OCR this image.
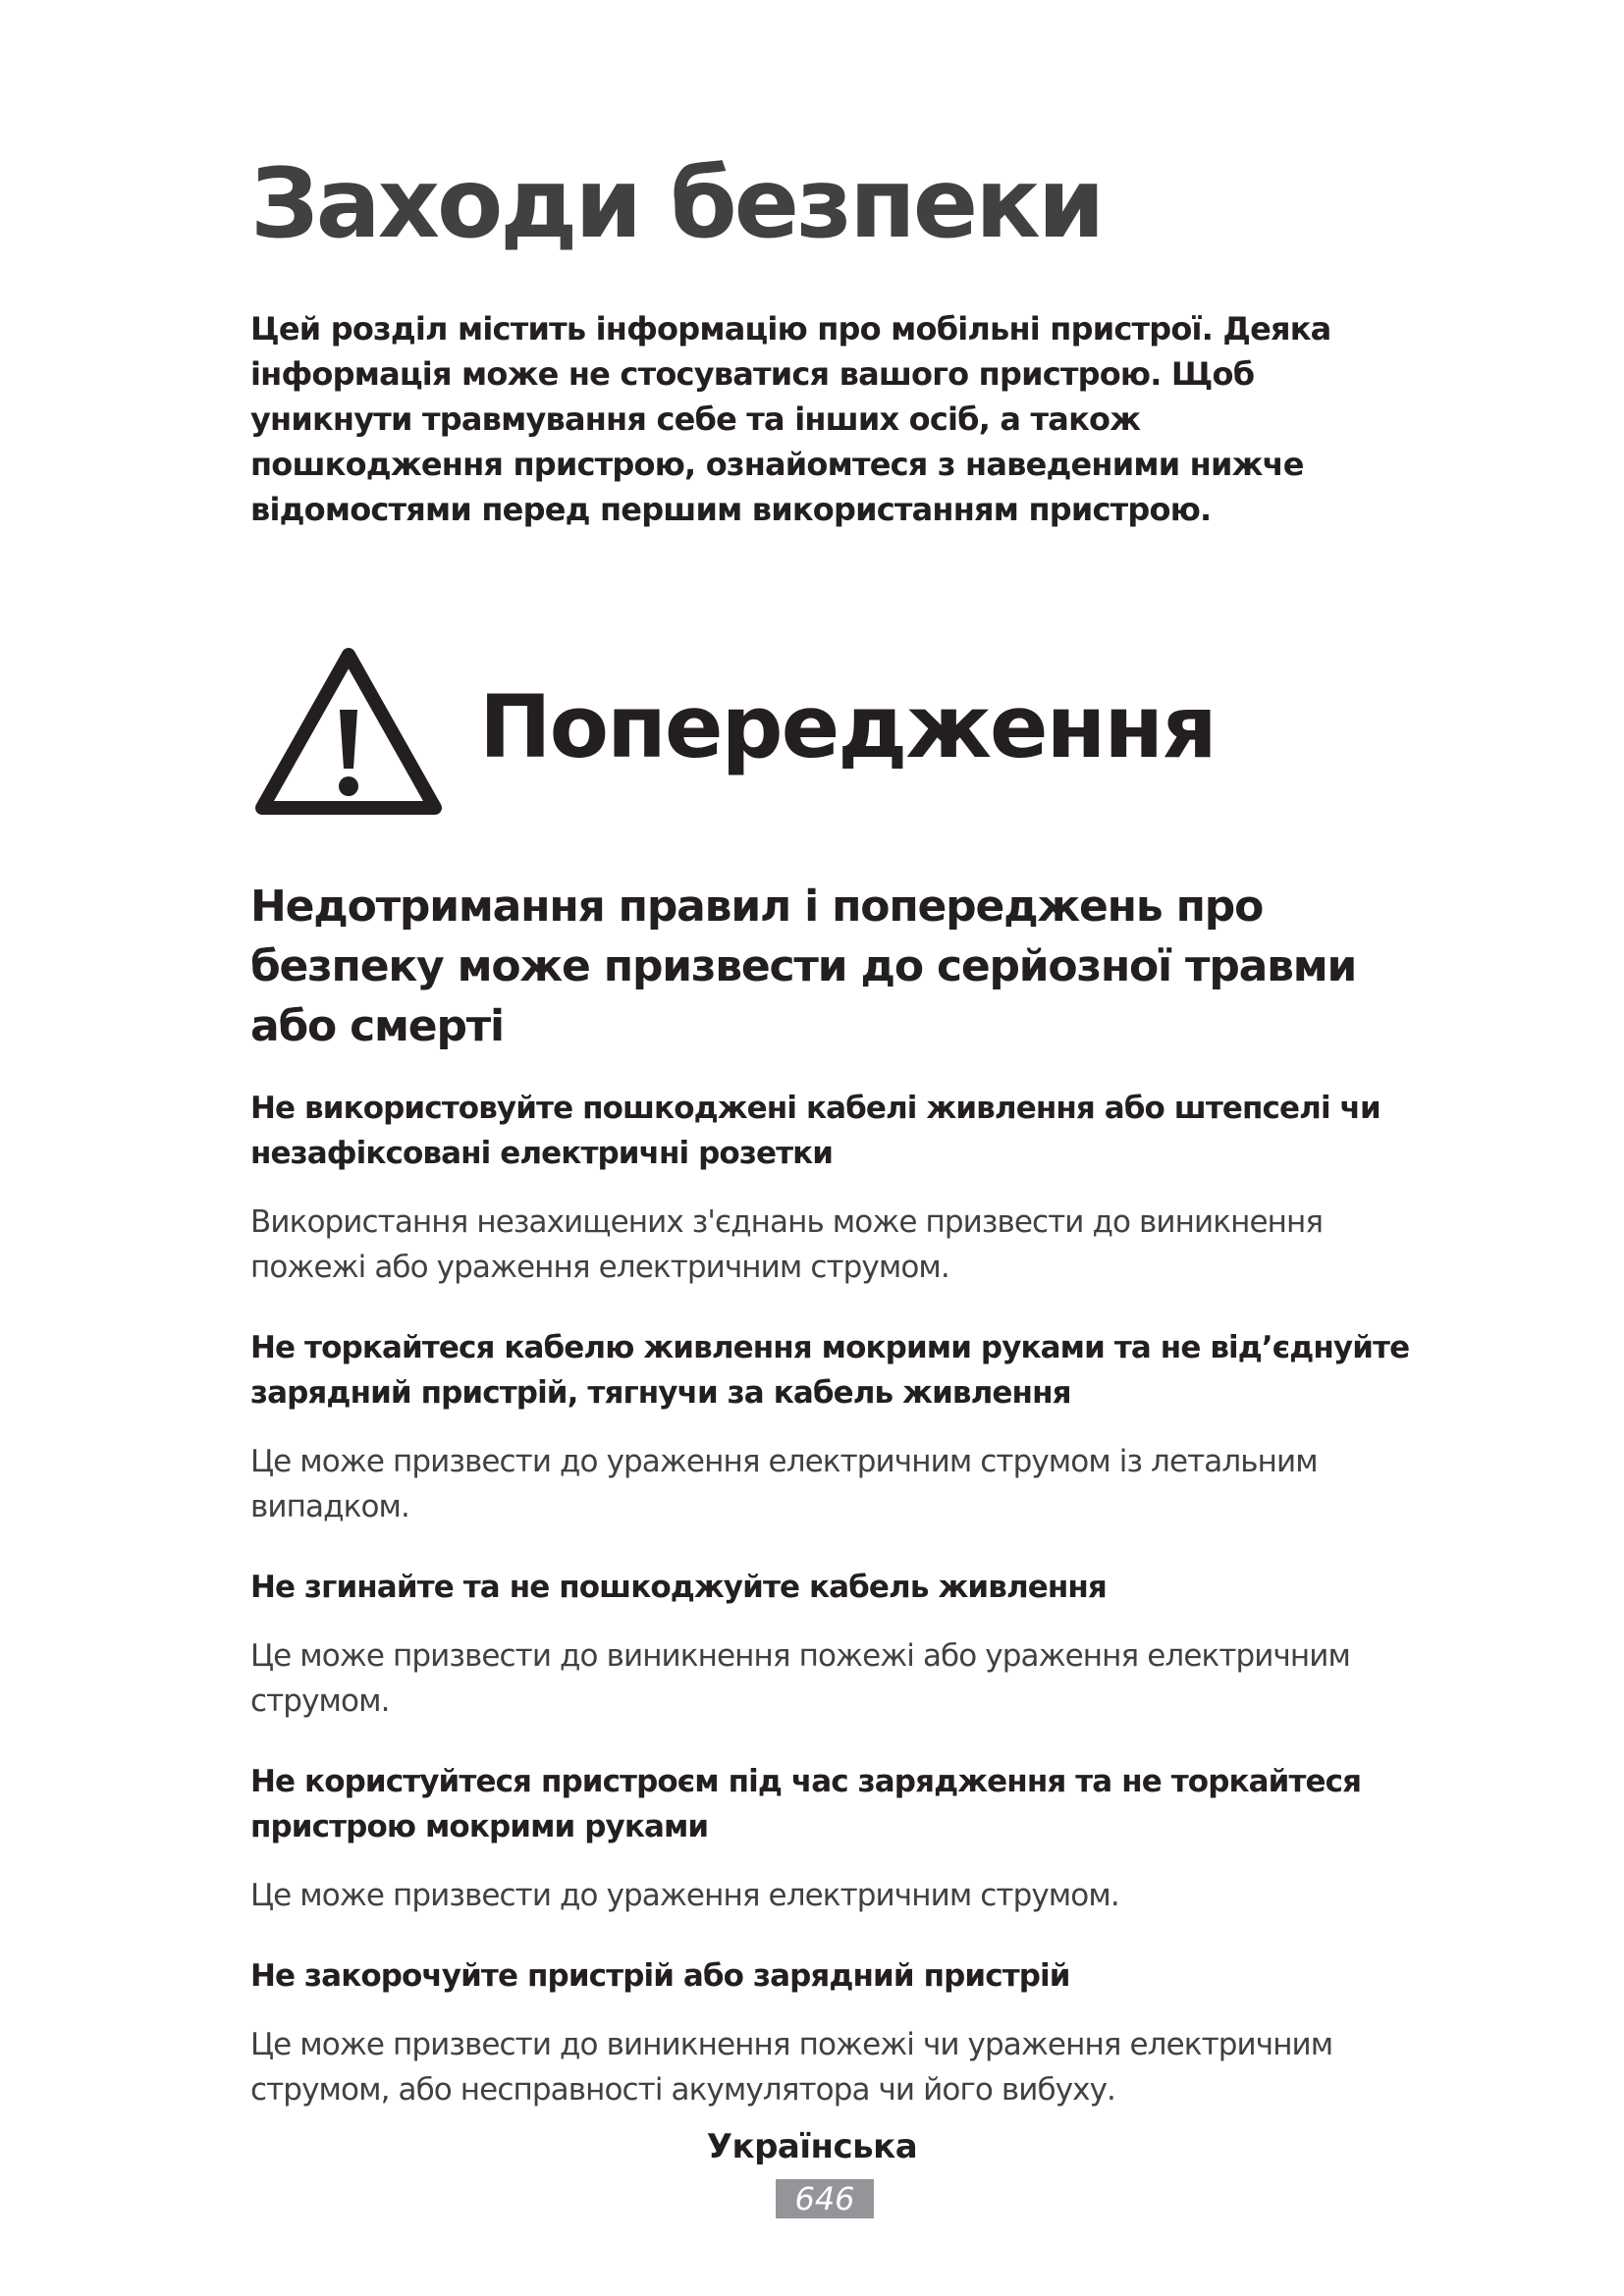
Заходи безпеки

Цей розділ містить інформацію про мобільні пристрої. Деяка інформація може не стосуватися вашого пристрою. Щоб уникнути травмування себе та інших осіб, а також пошкодження пристрою, ознайомтеся з наведеними нижче відомостями перед першим використанням пристрою.

Попередження
Недотримання правил і попереджень про безпеку може призвести до серйозної травми або смерті

Не використовуйте пошкоджені кабелі живлення або штепселі чи незафіксовані електричні розетки

Використання незахищених з'єднань може призвести до виникнення пожежі або ураження електричним струмом.

Не торкайтеся кабелю живлення мокрими руками та не від’єднуйте зарядний пристрій, тягнучи за кабель живлення

Це може призвести до ураження електричним струмом із летальним випадком.

Не згинайте та не пошкоджуйте кабель живлення

Це може призвести до виникнення пожежі або ураження електричним струмом.

Не користуйтеся пристроєм під час зарядження та не торкайтеся пристрою мокрими руками

Це може призвести до ураження електричним струмом.

Не закорочуйте пристрій або зарядний пристрій

Це може призвести до виникнення пожежі чи ураження електричним струмом, або несправності акумулятора чи його вибуху.

Українська
646
